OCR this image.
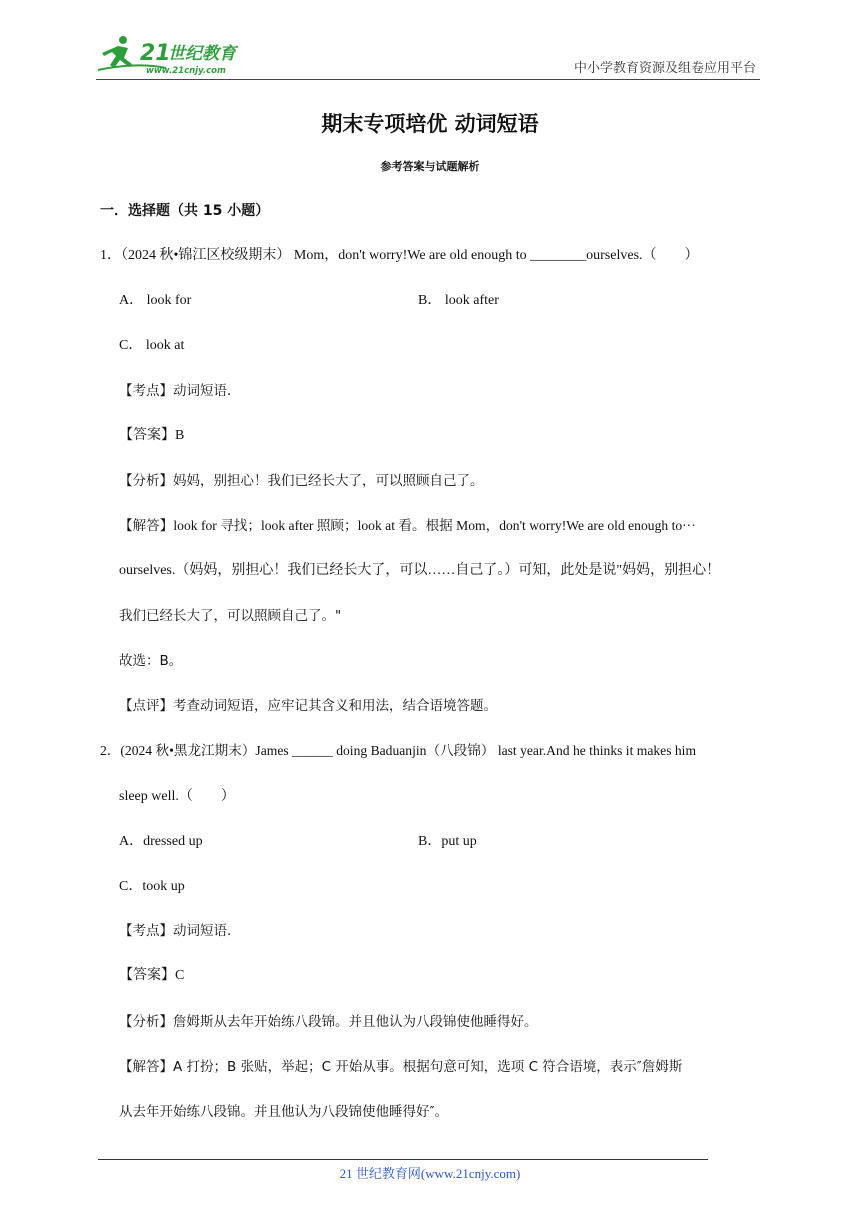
21
世纪教育
www.21cnjy.com	中小学教育资源及组卷应用平台
期末专项培优 动词短语
参考答案与试题解析
一．选择题（共 15 小题）
1．（2024 秋•锦江区校级期末） Mom，don't worry!We are old enough to ________ourselves.（　　）
A． look for	B． look after
C． look at
【考点】动词短语．
【答案】B
【分析】妈妈，别担心！我们已经长大了，可以照顾自己了。
【解答】look for 寻找；look after 照顾；look at 看。根据 Mom，don't worry!We are old enough to···
ourselves.（妈妈，别担心！我们已经长大了，可以……自己了。）可知，此处是说"妈妈，别担心！
我们已经长大了，可以照顾自己了。"
故选：B。
【点评】考查动词短语，应牢记其含义和用法，结合语境答题。
2．(2024 秋•黑龙江期末）James ______ doing Baduanjin（八段锦） last year.And he thinks it makes him
sleep well.（　　）
A．dressed up	B．put up
C．took up
【考点】动词短语．
【答案】C
【分析】詹姆斯从去年开始练八段锦。并且他认为八段锦使他睡得好。
【解答】A 打扮；B 张贴，举起；C 开始从事。根据句意可知，选项 C 符合语境，表示″詹姆斯
从去年开始练八段锦。并且他认为八段锦使他睡得好″。
21 世纪教育网(www.21cnjy.com)
